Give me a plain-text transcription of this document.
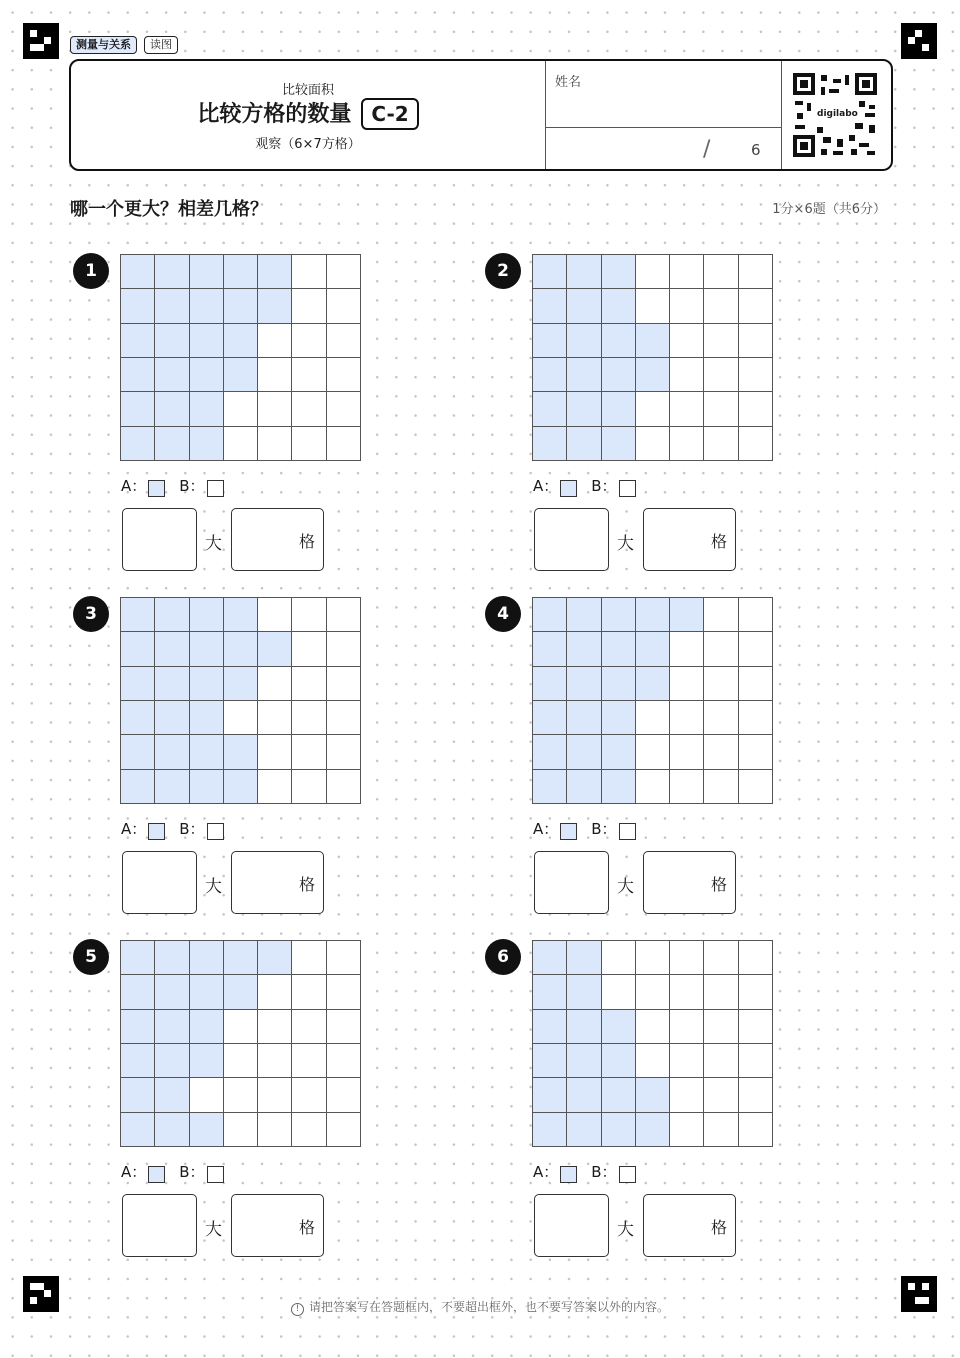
测量与关系	读图
比较面积
比较方格的数量 C-2
观察（6×7方格）
姓名
/	6
digilabo
哪一个更大？相差几格？	1分×6题（共6分）
1
A： B：
大	格
2
A： B：
大	格
3
A： B：
大	格
4
A： B：
大	格
5
A： B：
大	格
6
A： B：
大	格
! 请把答案写在答题框内，不要超出框外，也不要写答案以外的内容。
